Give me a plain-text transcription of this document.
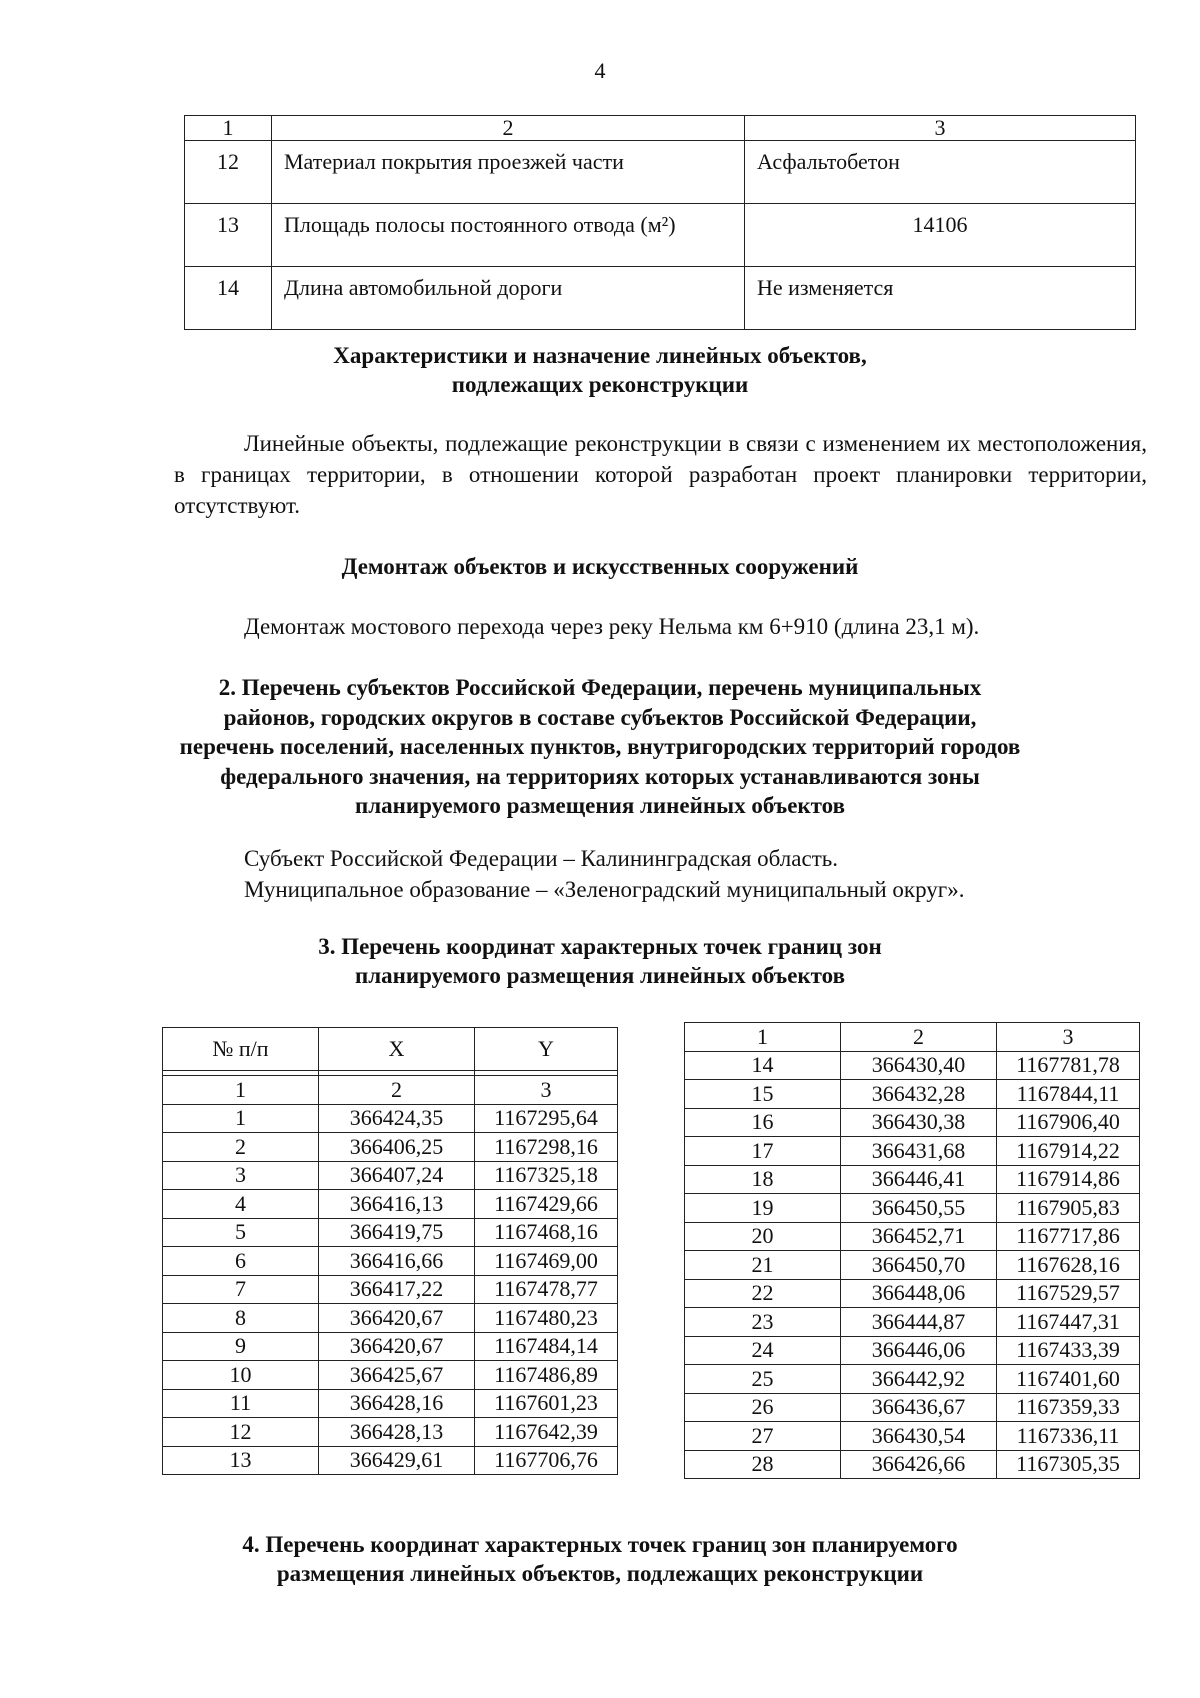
4
1	2	3
12	Материал покрытия проезжей части	Асфальтобетон
13	Площадь полосы постоянного отвода (м²)	14106
14	Длина автомобильной дороги	Не изменяется
Характеристики и назначение линейных объектов,
подлежащих реконструкции
Линейные объекты, подлежащие реконструкции в связи с изменением их местоположения, в границах территории, в отношении которой разработан проект планировки территории, отсутствуют.
Демонтаж объектов и искусственных сооружений
Демонтаж мостового перехода через реку Нельма км 6+910 (длина 23,1 м).
2. Перечень субъектов Российской Федерации, перечень муниципальных
районов, городских округов в составе субъектов Российской Федерации,
перечень поселений, населенных пунктов, внутригородских территорий городов
федерального значения, на территориях которых устанавливаются зоны
планируемого размещения линейных объектов
Субъект Российской Федерации – Калининградская область.
Муниципальное образование – «Зеленоградский муниципальный округ».
3. Перечень координат характерных точек границ зон
планируемого размещения линейных объектов
№ п/п	X	Y

1	2	3
1	366424,35	1167295,64
2	366406,25	1167298,16
3	366407,24	1167325,18
4	366416,13	1167429,66
5	366419,75	1167468,16
6	366416,66	1167469,00
7	366417,22	1167478,77
8	366420,67	1167480,23
9	366420,67	1167484,14
10	366425,67	1167486,89
11	366428,16	1167601,23
12	366428,13	1167642,39
13	366429,61	1167706,76
1	2	3
14	366430,40	1167781,78
15	366432,28	1167844,11
16	366430,38	1167906,40
17	366431,68	1167914,22
18	366446,41	1167914,86
19	366450,55	1167905,83
20	366452,71	1167717,86
21	366450,70	1167628,16
22	366448,06	1167529,57
23	366444,87	1167447,31
24	366446,06	1167433,39
25	366442,92	1167401,60
26	366436,67	1167359,33
27	366430,54	1167336,11
28	366426,66	1167305,35
4. Перечень координат характерных точек границ зон планируемого
размещения линейных объектов, подлежащих реконструкции
